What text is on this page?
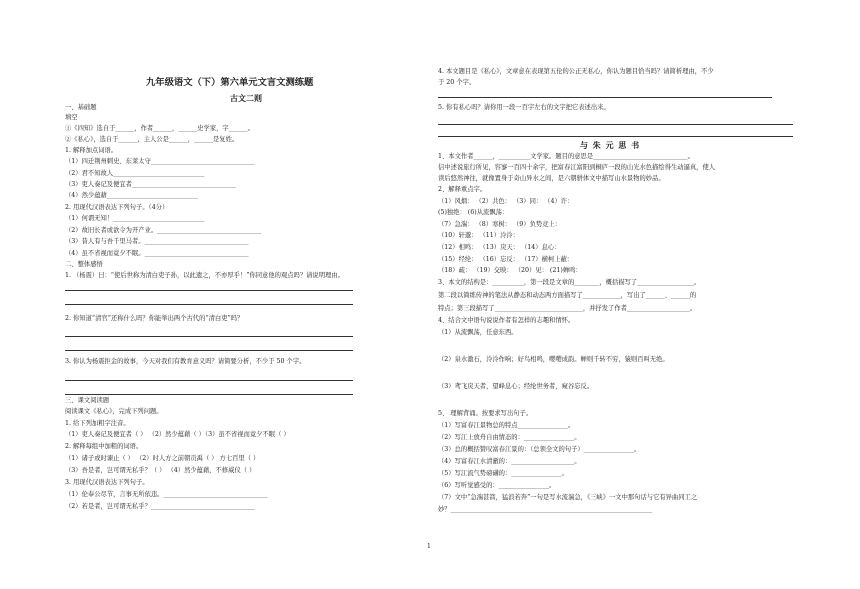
九年级语文（下）第六单元文言文测练题
古文二则
一、基础题
填空
①《四知》选自于______，作者______，______史学家，字______。
②《私心》，选自于______，主人公是______，______是复姓。
1. 解释加点词语。
（1）四迁荆州刺史、东莱太守_________________________________
（2）君不知故人_____________________________
（3）吏人奏记及便宜者_________________________________
（4）然少蕴藉_____________________________
2. 用现代汉语表达下列句子。（4分）
（1）何谓无知！_____________________________
（2）故旧长者或欲令为开产业。_________________________________
（3）昔人有与吾千里马者。_________________________________
（4）虽不省视而竟夕不眠。_________________________________
二、整体感悟
1. （杨震）曰：“使后世称为清白吏子孙，以此遗之，不亦厚乎！”你同意他的观点吗？请说明理由。
2. 你知道“清官”还称什么吗？你能举出两个古代的“清白吏”吗？
3. 你认为杨震拒金的故事，今天对我们有教育意义吗？请简要分析，不少于 50 个字。
三、课文阅读题
阅读课文《私心》，完成下列问题。
1. 给下列加粗字注音。
（1）吏人奏记及便宜者（ ） （2）然少蕴藉（ ）（3）虽不省视而竟夕不眠（ ）
2. 解释每组中加粗的词语。
（1）诸子或时谏止（ ） （2）时人方之前朝贡禹（ ） 方七百里（ ）
（3）吾是者，岂可谓无私乎？（ ） （4）然少蕴藉，不修威仪（ ）
3. 用现代汉语表达下列句子。
（1）伦奉公尽节，言事无所依违。_________________________________
（2）若是者，岂可谓无私乎？_________________________________
4. 本文题目是《私心》，文章意在表现第五伦的公正无私心，你认为题目恰当吗？请简析理由，不少
于 20 个字。
5. 你有私心吗？请你用一段一百字左右的文字把它表述出来。
与 朱 元 思 书
1、本文作者______，__________文学家。题目的意思是______________________________。
信中述说旅行所见，容寥一百四十余字，把富春江富阳到桐庐一段的山光水色描绘得生动逼真，使人
读后悠然神往，就像置身于奇山异水之间，是六朝骈体文中描写山水景物的妙品。
2、解释重点字。
（1）风烟： （2）共色： （3）同： （4）许：
(5)独绝： (6)从流飘荡：
（7）急湍： （8）寒树： （9）负势竞上：
（10）轩邈： （11）泠泠：
（12）相鸣： （13）戾天： （14）息心：
（15）经纶： （16）忘反： （17）横柯上蔽：
（18）疏： （19）交映： （20）见： (21)蝉鸣：
3、本文的结构是：__________，第一段是文章的________，概括描写了__________________。
第二段以简练传神的笔法从静态和动态两方面描写了____________，写出了______、______的
特点；第三段描写了____________________________，并抒发了作者____________________。
4、结合文中语句说说作者有怎样的志趣和情怀。
（1）从流飘荡，任意东西。
（2）泉水激石，泠泠作响；好鸟相鸣，嘤嘤成韵。蝉则千转不穷，猿则百叫无绝。
（3）鸢飞戾天者，望峰息心；经纶世务者，窥谷忘反。
5、 理解背诵。按要求写出句子。
（1）写富春江景物总的特点________________。
（2）写江上放舟自由情态的：________________。
（3）总的概括赞叹富春江景的：（总领全文的句子）________________。
（4）写富春江水清澈的：____________________。
（5）写江流气势磅礴的：________________。
（6）写听觉感受的：________________。
（7）文中“急湍甚箭，猛浪若奔”一句是写水流湍急，《三峡》一文中那句话与它有异曲同工之
妙？________________________________________________________________
1
